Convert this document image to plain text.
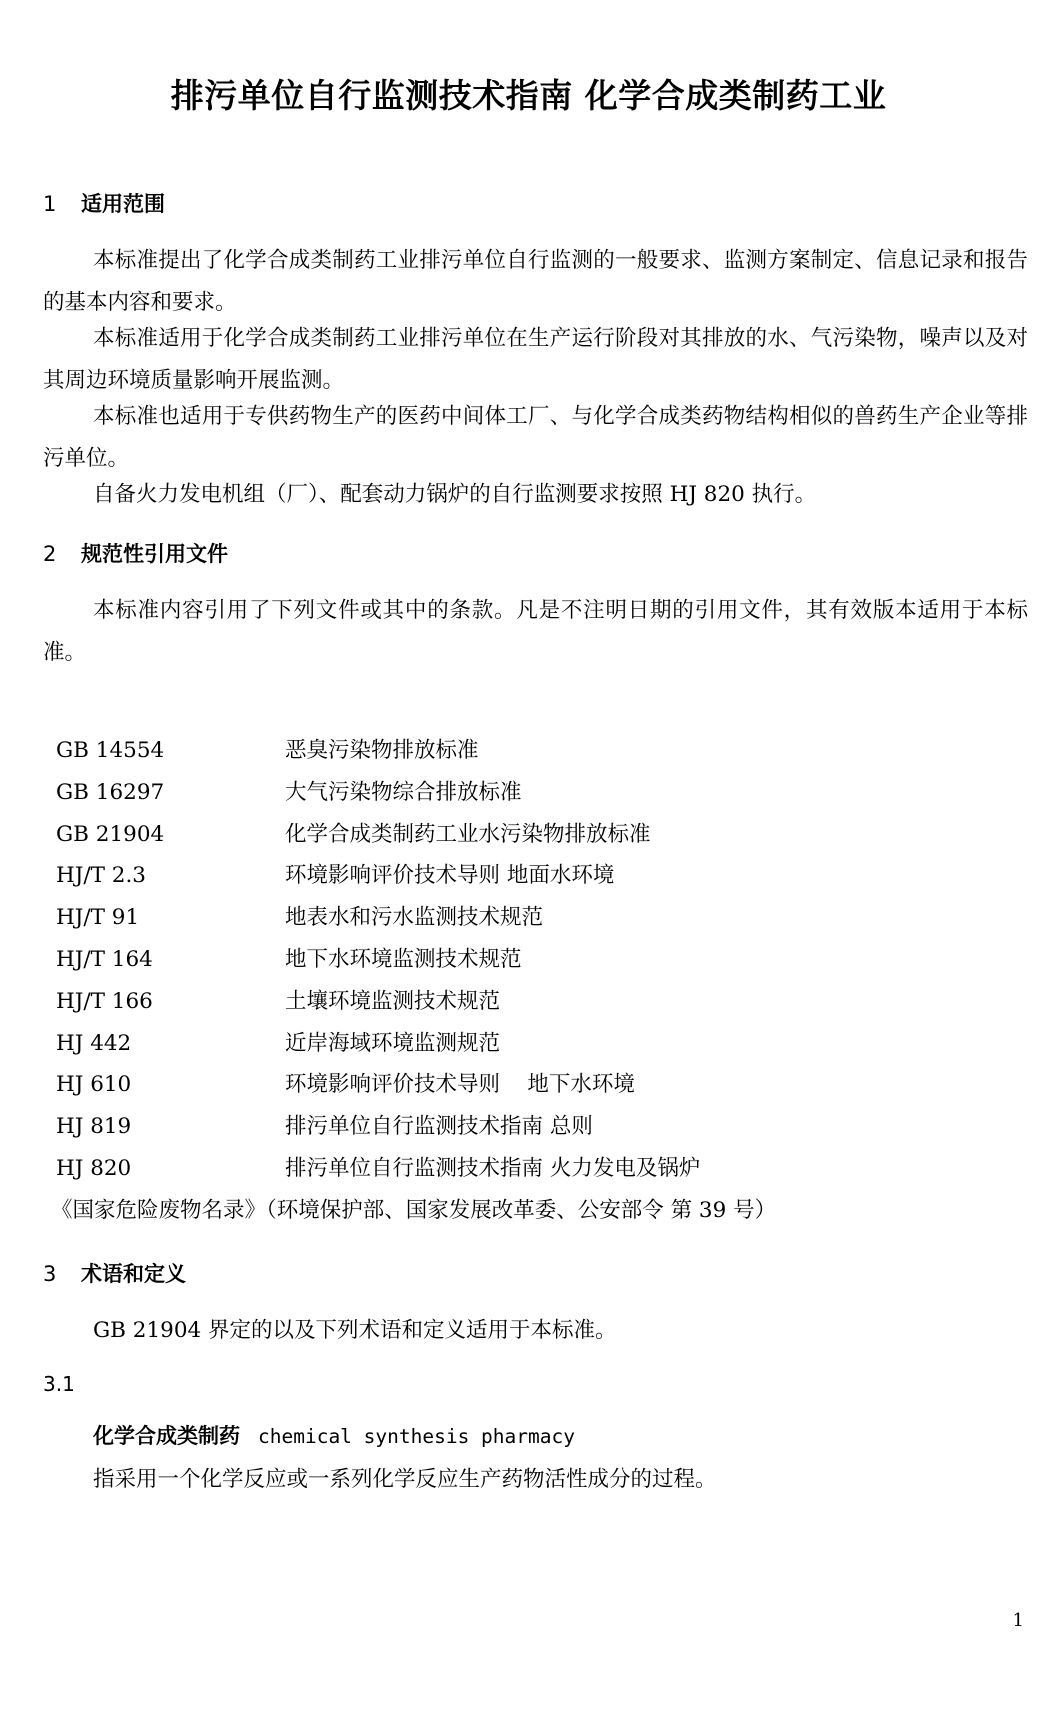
排污单位自行监测技术指南 化学合成类制药工业
1 适用范围

本标准提出了化学合成类制药工业排污单位自行监测的一般要求、监测方案制定、信息记录和报告的基本内容和要求。

本标准适用于化学合成类制药工业排污单位在生产运行阶段对其排放的水、气污染物，噪声以及对其周边环境质量影响开展监测。

本标准也适用于专供药物生产的医药中间体工厂、与化学合成类药物结构相似的兽药生产企业等排污单位。

自备火力发电机组（厂）、配套动力锅炉的自行监测要求按照 HJ 820 执行。

2 规范性引用文件

本标准内容引用了下列文件或其中的条款。凡是不注明日期的引用文件，其有效版本适用于本标准。

GB 14554	恶臭污染物排放标准
GB 16297	大气污染物综合排放标准
GB 21904	化学合成类制药工业水污染物排放标准
HJ/T 2.3	环境影响评价技术导则 地面水环境
HJ/T 91	地表水和污水监测技术规范
HJ/T 164	地下水环境监测技术规范
HJ/T 166	土壤环境监测技术规范
HJ 442	近岸海域环境监测规范
HJ 610	环境影响评价技术导则    地下水环境
HJ 819	排污单位自行监测技术指南 总则
HJ 820	排污单位自行监测技术指南 火力发电及锅炉
《国家危险废物名录》（环境保护部、国家发展改革委、公安部令 第 39 号）
3 术语和定义

GB 21904 界定的以及下列术语和定义适用于本标准。

3.1

化学合成类制药 chemical synthesis pharmacy

指采用一个化学反应或一系列化学反应生产药物活性成分的过程。

1
